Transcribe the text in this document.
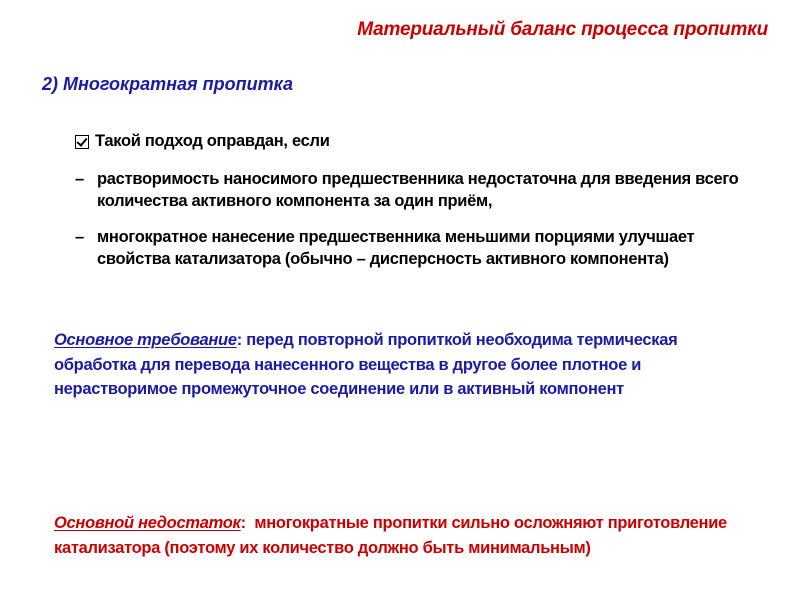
Материальный баланс процесса пропитки
2) Многократная пропитка
Такой подход оправдан, если
– растворимость наносимого предшественника недостаточна для введения всего количества активного компонента за один приём,
– многократное нанесение предшественника меньшими порциями улучшает свойства катализатора (обычно – дисперсность активного компонента)
Основное требование: перед повторной пропиткой необходима термическая обработка для перевода нанесенного вещества в другое более плотное и нерастворимое промежуточное соединение или в активный компонент
Основной недостаток:  многократные пропитки сильно осложняют приготовление катализатора (поэтому их количество должно быть минимальным)
